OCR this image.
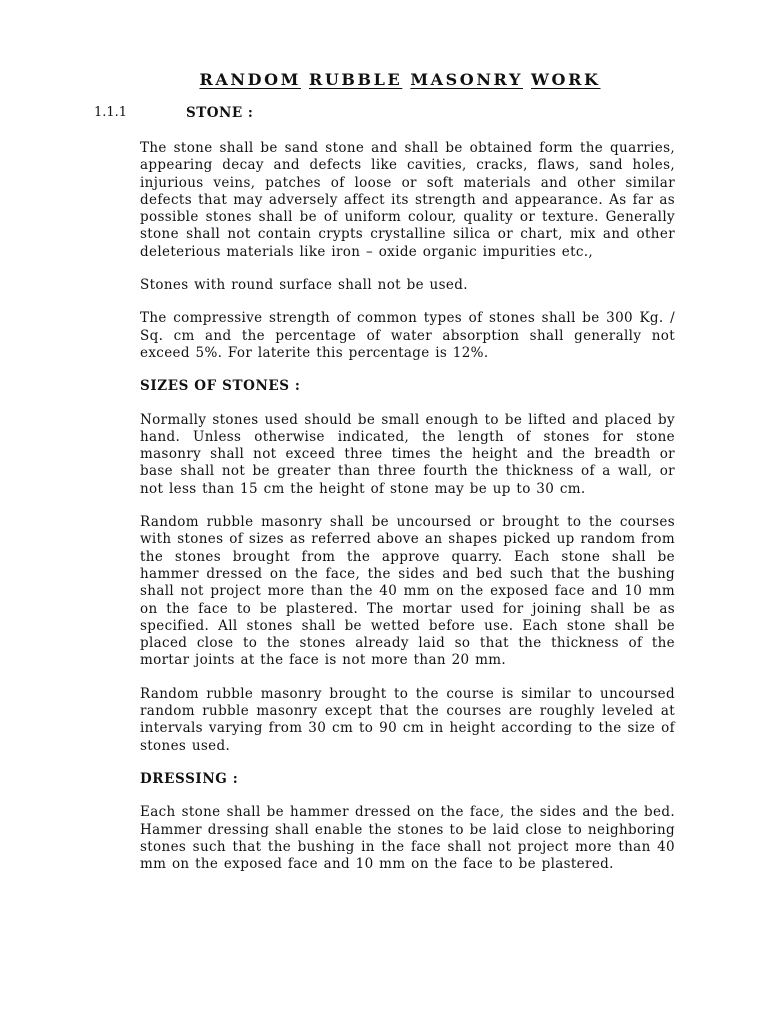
RANDOM RUBBLE MASONRY WORK
1.1.1	STONE :

The stone shall be sand stone and shall be obtained form the quarries, appearing decay and defects like cavities, cracks, flaws, sand holes, injurious veins, patches of loose or soft materials and other similar defects that may adversely affect its strength and appearance. As far as possible stones shall be of uniform colour, quality or texture. Generally stone shall not contain crypts crystalline silica or chart, mix and other deleterious materials like iron – oxide organic impurities etc.,

Stones with round surface shall not be used.

The compressive strength of common types of stones shall be 300 Kg. / Sq. cm and the percentage of water absorption shall generally not exceed 5%. For laterite this percentage is 12%.

SIZES OF STONES :

Normally stones used should be small enough to be lifted and placed by hand. Unless otherwise indicated, the length of stones for stone masonry shall not exceed three times the height and the breadth or base shall not be greater than three fourth the thickness of a wall, or not less than 15 cm the height of stone may be up to 30 cm.

Random rubble masonry shall be uncoursed or brought to the courses with stones of sizes as referred above an shapes picked up random from the stones brought from the approve quarry. Each stone shall be hammer dressed on the face, the sides and bed such that the bushing shall not project more than the 40 mm on the exposed face and 10 mm on the face to be plastered. The mortar used for joining shall be as specified. All stones shall be wetted before use. Each stone shall be placed close to the stones already laid so that the thickness of the mortar joints at the face is not more than 20 mm.

Random rubble masonry brought to the course is similar to uncoursed random rubble masonry except that the courses are roughly leveled at intervals varying from 30 cm to 90 cm in height according to the size of stones used.

DRESSING :

Each stone shall be hammer dressed on the face, the sides and the bed. Hammer dressing shall enable the stones to be laid close to neighboring stones such that the bushing in the face shall not project more than 40 mm on the exposed face and 10 mm on the face to be plastered.
